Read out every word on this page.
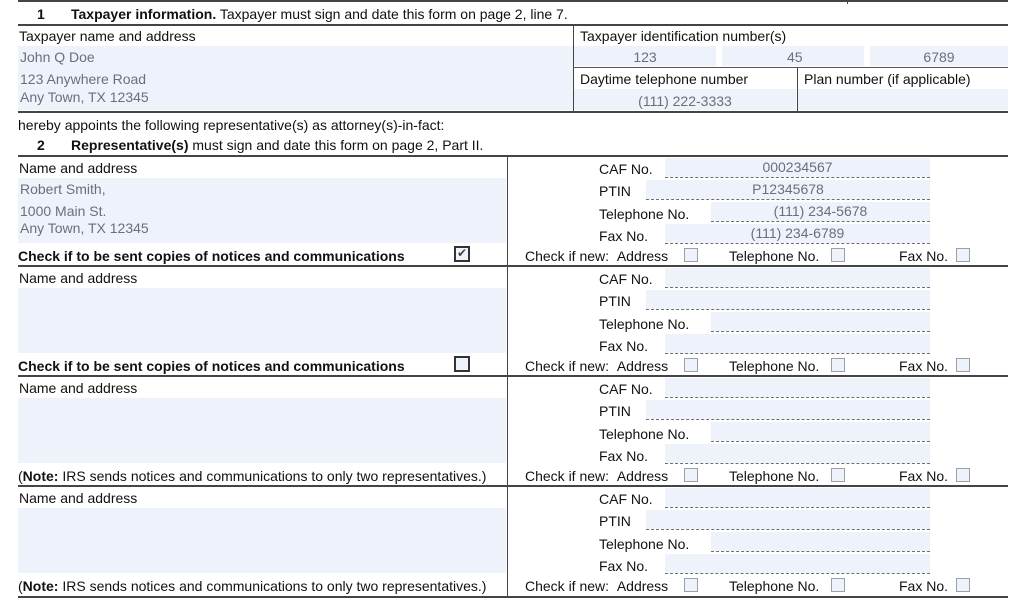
1 Taxpayer information. Taxpayer must sign and date this form on page 2, line 7.
Taxpayer name and address
John Q Doe
123 Anywhere Road
Any Town, TX 12345
Taxpayer identification number(s)
123	45	6789
Daytime telephone number	Plan number (if applicable)
(111) 222-3333
hereby appoints the following representative(s) as attorney(s)-in-fact:
2 Representative(s) must sign and date this form on page 2, Part II.
Name and address
Robert Smith,
1000 Main St.
Any Town, TX 12345
Check if to be sent copies of notices and communications	✔
CAF No.	000234567
PTIN	P12345678
Telephone No.	(111) 234-5678
Fax No.	(111) 234-6789
Check if new: Address	Telephone No.	Fax No.
Name and address
Check if to be sent copies of notices and communications
CAF No.
PTIN
Telephone No.
Fax No.
Check if new: Address	Telephone No.	Fax No.
Name and address
(Note: IRS sends notices and communications to only two representatives.)
CAF No.
PTIN
Telephone No.
Fax No.
Check if new: Address	Telephone No.	Fax No.
Name and address
(Note: IRS sends notices and communications to only two representatives.)
CAF No.
PTIN
Telephone No.
Fax No.
Check if new: Address	Telephone No.	Fax No.
